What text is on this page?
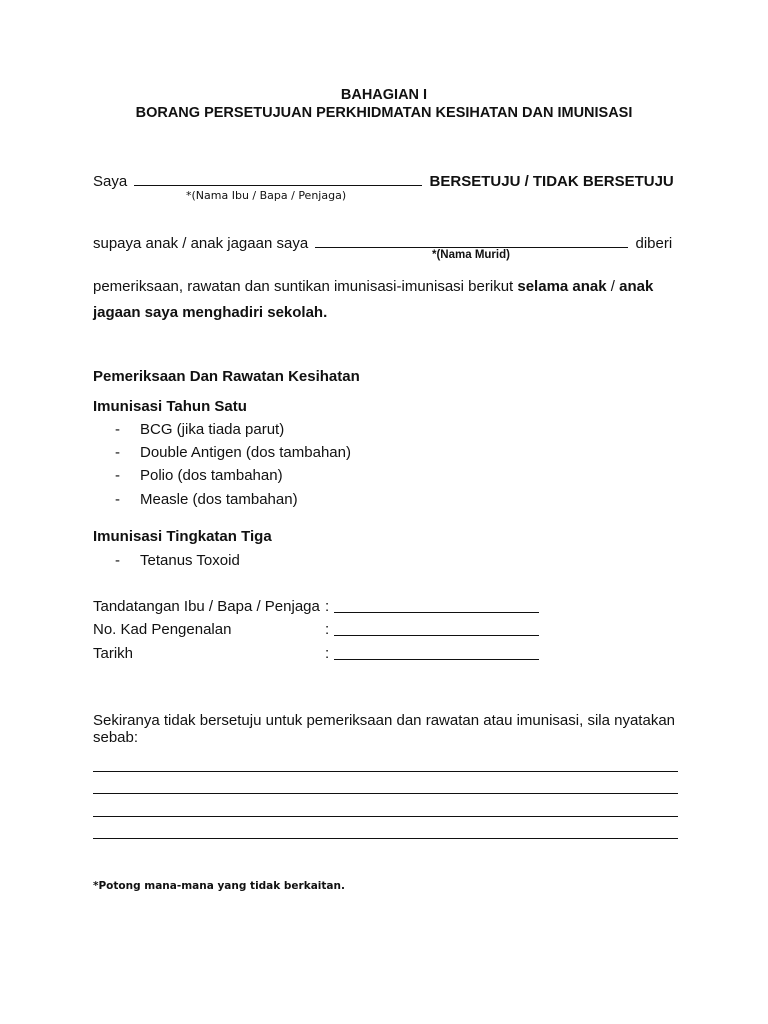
BAHAGIAN I
BORANG PERSETUJUAN PERKHIDMATAN KESIHATAN DAN IMUNISASI
Saya	BERSETUJU / TIDAK BERSETUJU
*(Nama Ibu / Bapa / Penjaga)
supaya anak / anak jagaan saya	diberi
*(Nama Murid)
pemeriksaan, rawatan dan suntikan imunisasi-imunisasi berikut selama anak / anak
jagaan saya menghadiri sekolah.
Pemeriksaan Dan Rawatan Kesihatan
Imunisasi Tahun Satu
- BCG (jika tiada parut)
- Double Antigen (dos tambahan)
- Polio (dos tambahan)
- Measle (dos tambahan)
Imunisasi Tingkatan Tiga
- Tetanus Toxoid
Tandatangan Ibu / Bapa / Penjaga :
No. Kad Pengenalan	:
Tarikh	:
Sekiranya tidak bersetuju untuk pemeriksaan dan rawatan atau imunisasi, sila nyatakan
sebab:
*Potong mana-mana yang tidak berkaitan.
